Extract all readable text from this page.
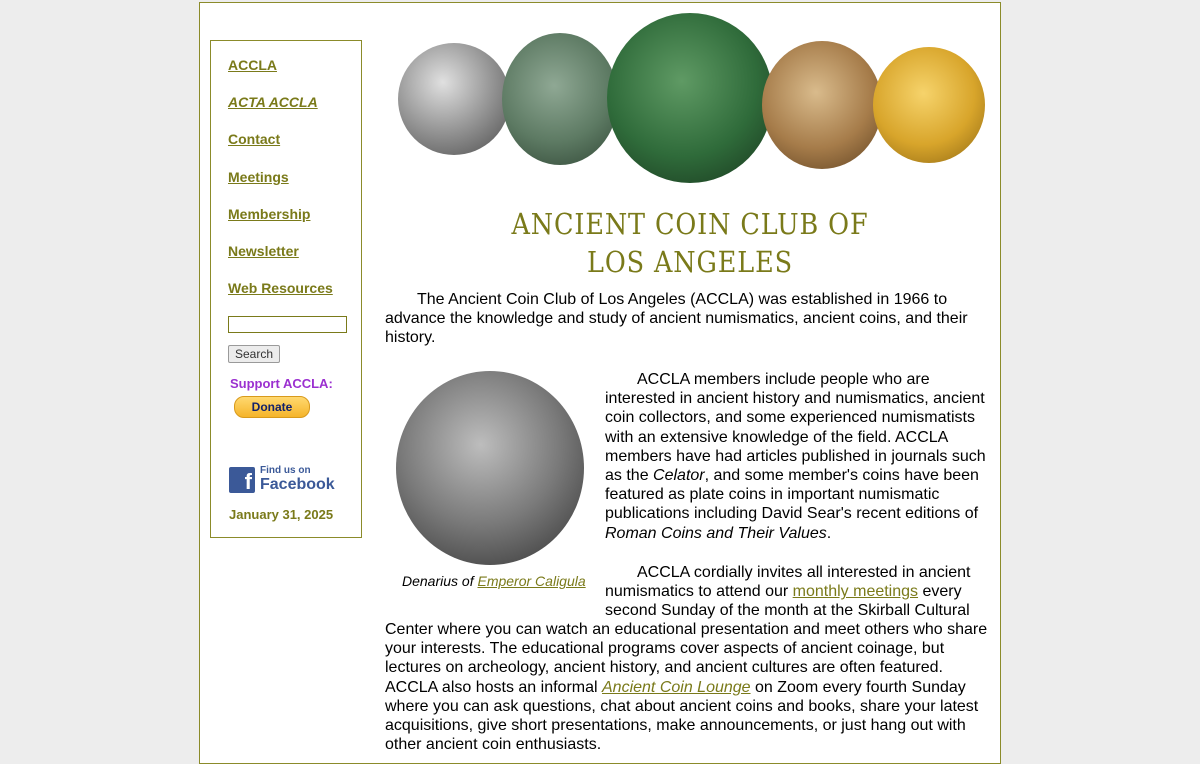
ACCLA
ACTA ACCLA
Contact
Meetings
Membership
Newsletter
Web Resources
Search
Support ACCLA:
Donate
f Find us on
Facebook
January 31, 2025
ANCIENT COIN CLUB OF
LOS ANGELES
The Ancient Coin Club of Los Angeles (ACCLA) was established in 1966 to advance the knowledge and study of ancient numismatics, ancient coins, and their history.
Denarius of Emperor Caligula
ACCLA members include people who are interested in ancient history and numismatics, ancient coin collectors, and some experienced numismatists with an extensive knowledge of the field. ACCLA members have had articles published in journals such as the Celator, and some member's coins have been featured as plate coins in important numismatic publications including David Sear's recent editions of Roman Coins and Their Values.
ACCLA cordially invites all interested in ancient numismatics to attend our monthly meetings every second Sunday of the month at the Skirball Cultural
Center where you can watch an educational presentation and meet others who share your interests. The educational programs cover aspects of ancient coinage, but lectures on archeology, ancient history, and ancient cultures are often featured. ACCLA also hosts an informal Ancient Coin Lounge on Zoom every fourth Sunday where you can ask questions, chat about ancient coins and books, share your latest acquisitions, give short presentations, make announcements, or just hang out with other ancient coin enthusiasts.
